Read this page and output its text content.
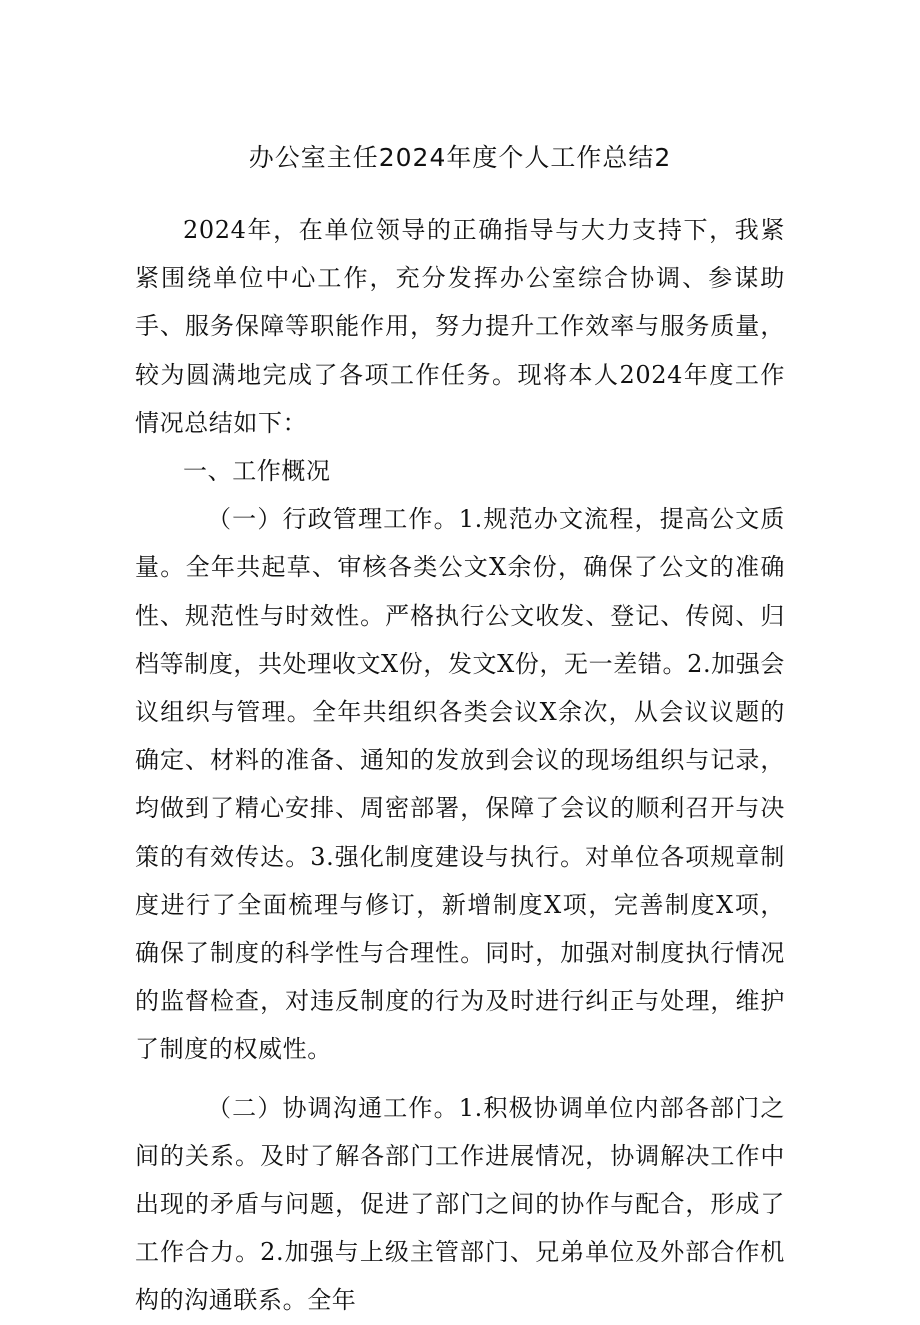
办公室主任2024年度个人工作总结2

2024年，在单位领导的正确指导与大力支持下，我紧紧围绕单位中心工作，充分发挥办公室综合协调、参谋助手、服务保障等职能作用，努力提升工作效率与服务质量，较为圆满地完成了各项工作任务。现将本人2024年度工作情况总结如下：

一、工作概况

（一）行政管理工作。1.规范办文流程，提高公文质量。全年共起草、审核各类公文X余份，确保了公文的准确性、规范性与时效性。严格执行公文收发、登记、传阅、归档等制度，共处理收文X份，发文X份，无一差错。2.加强会议组织与管理。全年共组织各类会议X余次，从会议议题的确定、材料的准备、通知的发放到会议的现场组织与记录，均做到了精心安排、周密部署，保障了会议的顺利召开与决策的有效传达。3.强化制度建设与执行。对单位各项规章制度进行了全面梳理与修订，新增制度X项，完善制度X项，确保了制度的科学性与合理性。同时，加强对制度执行情况的监督检查，对违反制度的行为及时进行纠正与处理，维护了制度的权威性。

（二）协调沟通工作。1.积极协调单位内部各部门之间的关系。及时了解各部门工作进展情况，协调解决工作中出现的矛盾与问题，促进了部门之间的协作与配合，形成了工作合力。2.加强与上级主管部门、兄弟单位及外部合作机构的沟通联系。全年
